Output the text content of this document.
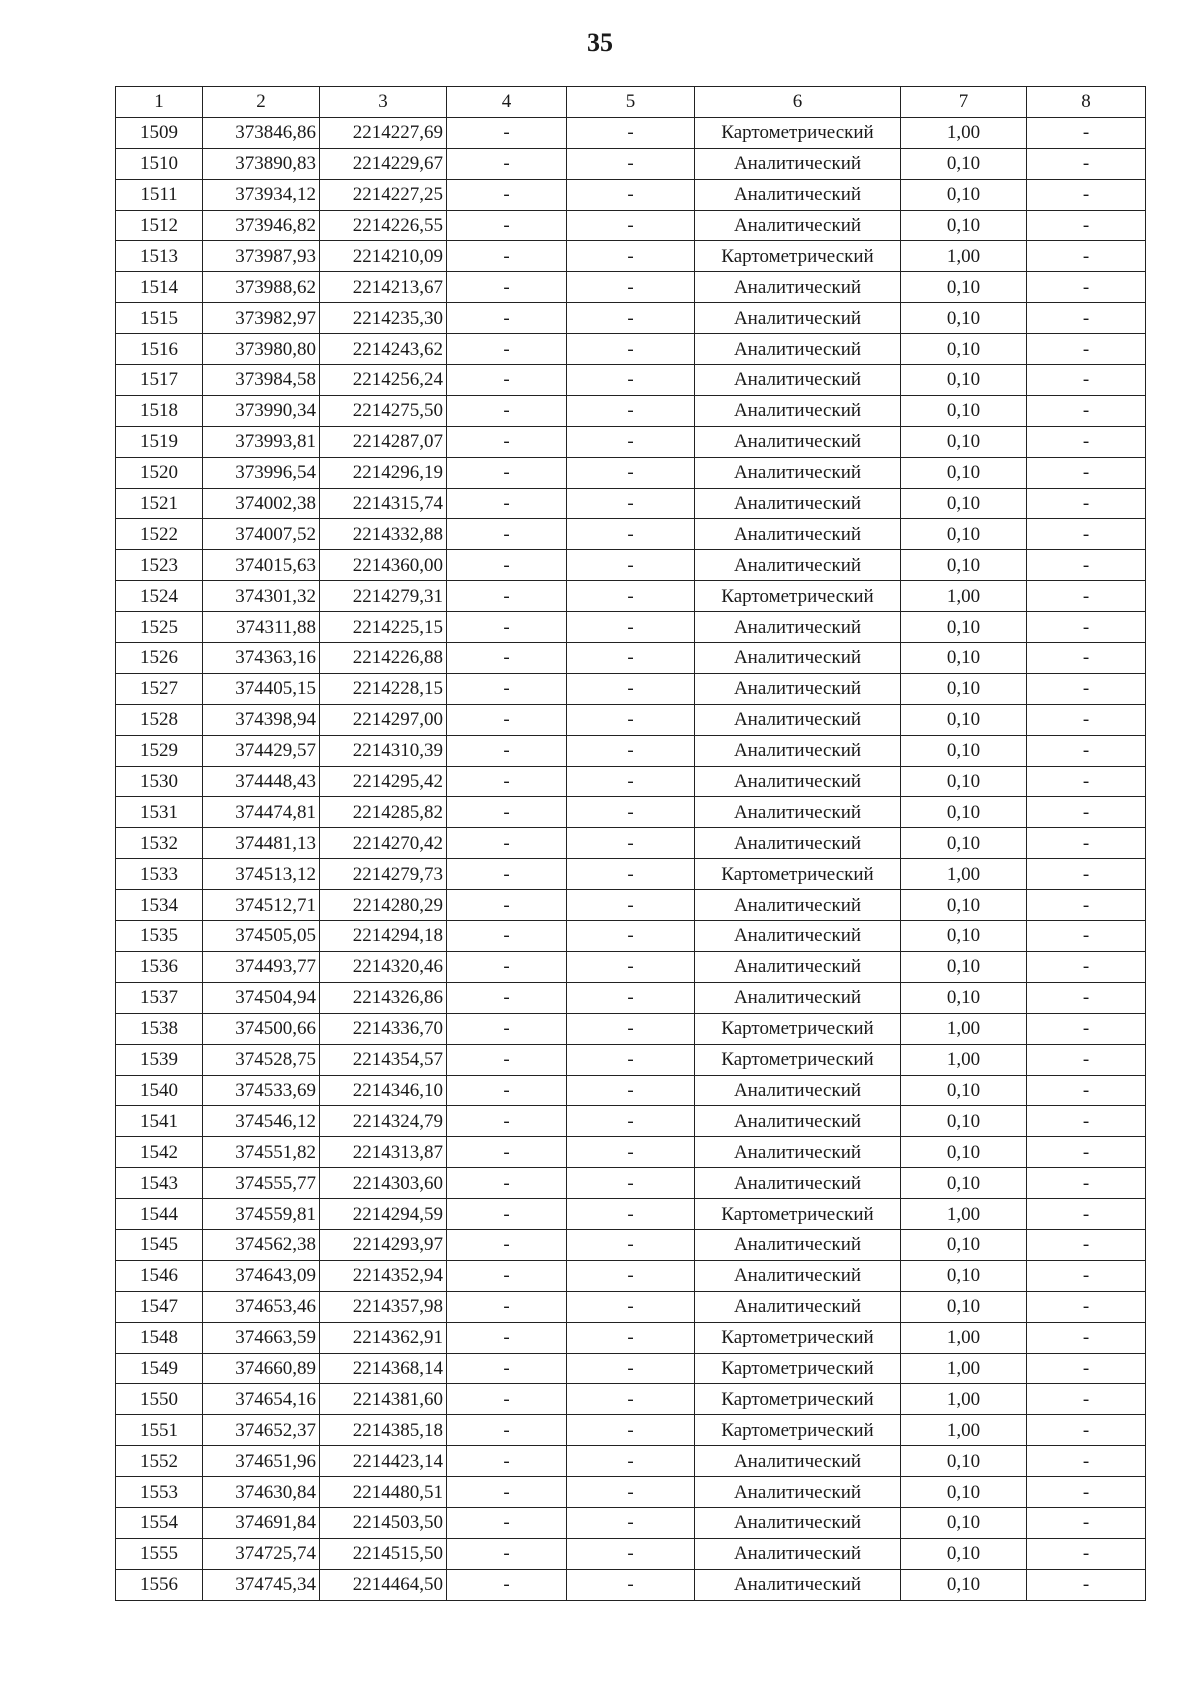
35
1	2	3	4	5	6	7	8
1509	373846,86	2214227,69	-	-	Картометрический	1,00	-
1510	373890,83	2214229,67	-	-	Аналитический	0,10	-
1511	373934,12	2214227,25	-	-	Аналитический	0,10	-
1512	373946,82	2214226,55	-	-	Аналитический	0,10	-
1513	373987,93	2214210,09	-	-	Картометрический	1,00	-
1514	373988,62	2214213,67	-	-	Аналитический	0,10	-
1515	373982,97	2214235,30	-	-	Аналитический	0,10	-
1516	373980,80	2214243,62	-	-	Аналитический	0,10	-
1517	373984,58	2214256,24	-	-	Аналитический	0,10	-
1518	373990,34	2214275,50	-	-	Аналитический	0,10	-
1519	373993,81	2214287,07	-	-	Аналитический	0,10	-
1520	373996,54	2214296,19	-	-	Аналитический	0,10	-
1521	374002,38	2214315,74	-	-	Аналитический	0,10	-
1522	374007,52	2214332,88	-	-	Аналитический	0,10	-
1523	374015,63	2214360,00	-	-	Аналитический	0,10	-
1524	374301,32	2214279,31	-	-	Картометрический	1,00	-
1525	374311,88	2214225,15	-	-	Аналитический	0,10	-
1526	374363,16	2214226,88	-	-	Аналитический	0,10	-
1527	374405,15	2214228,15	-	-	Аналитический	0,10	-
1528	374398,94	2214297,00	-	-	Аналитический	0,10	-
1529	374429,57	2214310,39	-	-	Аналитический	0,10	-
1530	374448,43	2214295,42	-	-	Аналитический	0,10	-
1531	374474,81	2214285,82	-	-	Аналитический	0,10	-
1532	374481,13	2214270,42	-	-	Аналитический	0,10	-
1533	374513,12	2214279,73	-	-	Картометрический	1,00	-
1534	374512,71	2214280,29	-	-	Аналитический	0,10	-
1535	374505,05	2214294,18	-	-	Аналитический	0,10	-
1536	374493,77	2214320,46	-	-	Аналитический	0,10	-
1537	374504,94	2214326,86	-	-	Аналитический	0,10	-
1538	374500,66	2214336,70	-	-	Картометрический	1,00	-
1539	374528,75	2214354,57	-	-	Картометрический	1,00	-
1540	374533,69	2214346,10	-	-	Аналитический	0,10	-
1541	374546,12	2214324,79	-	-	Аналитический	0,10	-
1542	374551,82	2214313,87	-	-	Аналитический	0,10	-
1543	374555,77	2214303,60	-	-	Аналитический	0,10	-
1544	374559,81	2214294,59	-	-	Картометрический	1,00	-
1545	374562,38	2214293,97	-	-	Аналитический	0,10	-
1546	374643,09	2214352,94	-	-	Аналитический	0,10	-
1547	374653,46	2214357,98	-	-	Аналитический	0,10	-
1548	374663,59	2214362,91	-	-	Картометрический	1,00	-
1549	374660,89	2214368,14	-	-	Картометрический	1,00	-
1550	374654,16	2214381,60	-	-	Картометрический	1,00	-
1551	374652,37	2214385,18	-	-	Картометрический	1,00	-
1552	374651,96	2214423,14	-	-	Аналитический	0,10	-
1553	374630,84	2214480,51	-	-	Аналитический	0,10	-
1554	374691,84	2214503,50	-	-	Аналитический	0,10	-
1555	374725,74	2214515,50	-	-	Аналитический	0,10	-
1556	374745,34	2214464,50	-	-	Аналитический	0,10	-
